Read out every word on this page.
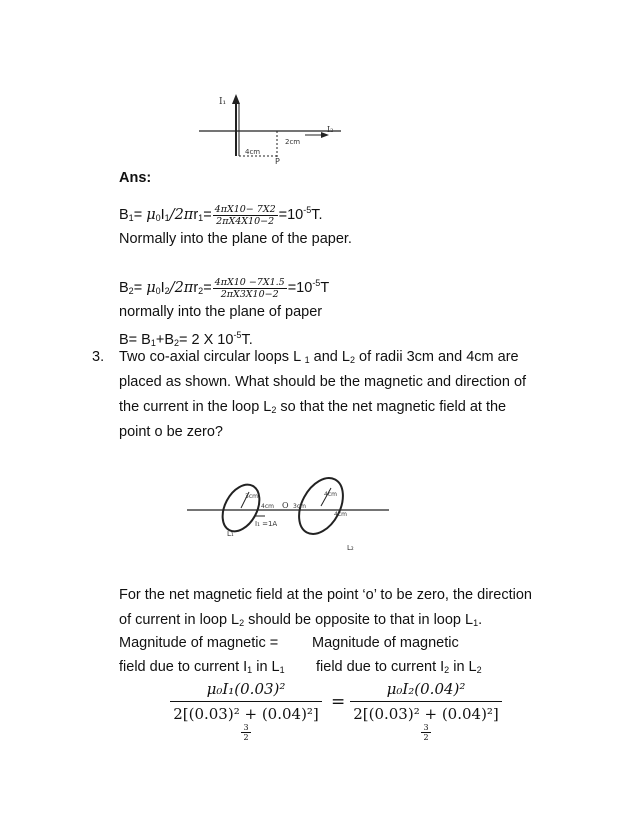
I₁
4cm
2cm
I₂
P
Ans:
$B_1= \mu_0I_1/2\pi r_1= \frac{4\pi X10- 7X2}{2\pi X4X10-2} =10^{-5}T$.
Normally into the plane of the paper.
$B_2= \mu_0I_2/2\pi r_2= \frac{4\pi X10 -7X1.5}{2\pi X3X10-2} =10^{-5}T$
normally into the plane of paper
$B= B_1+B_2= 2$ X $10^{-5}T$.
3. Two co-axial circular loops L $_1$ and $L_2$ of radii 3cm and 4cm are
placed as shown. What should be the magnetic and direction of
the current in the loop $L_2$ so that the net magnetic field at the
point o be zero?
3cm	4cm
4cm O 3cm
4cm
I₁ =1A
L₁
L₂
For the net magnetic field at the point ‘o’ to be zero, the direction
of current in loop $L_2$ should be opposite to that in loop $L_1$.
Magnitude of magnetic = Magnitude of magnetic
field due to current $I_1$ in $L_1$ field due to current $I_2$ in $L_2$
μ₀I₁(0.03)²
2[(0.03)² + (0.04)²]
$\frac{3}{2} = \mu_0I_2(0.04)^2$
2[(0.03)² + (0.04)²]
$\frac{3}{2}$
